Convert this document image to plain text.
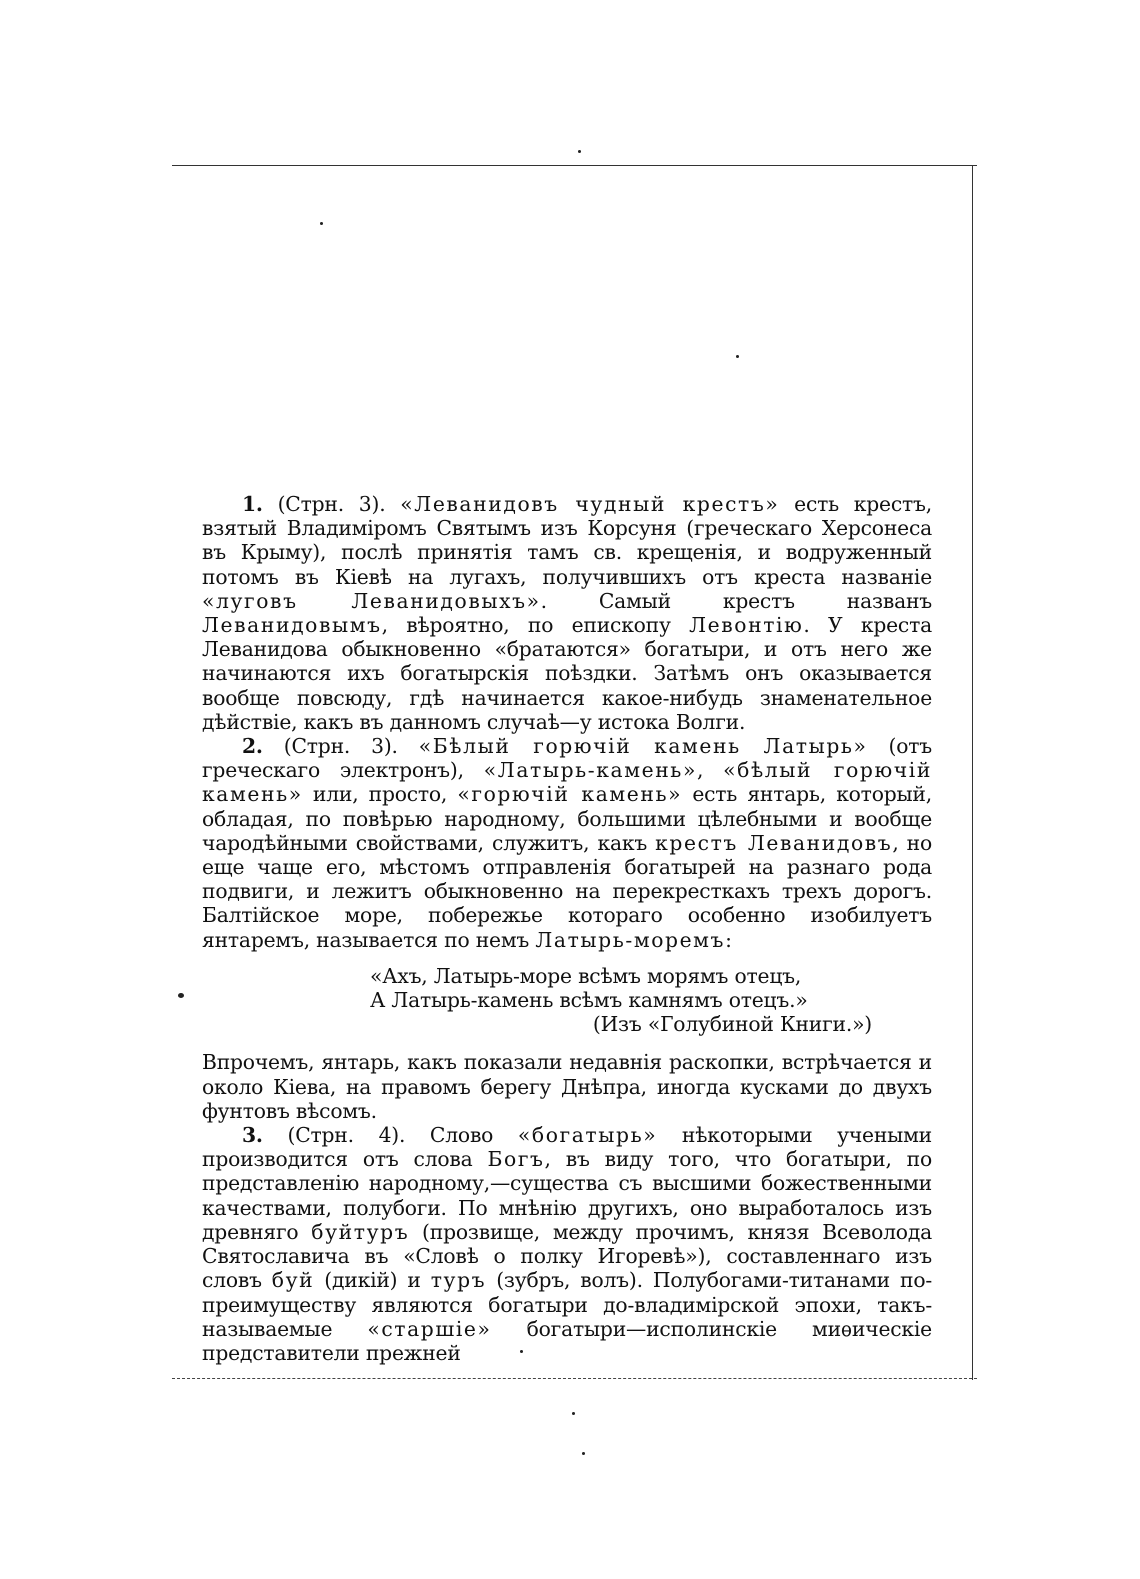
1. (Стрн. 3). «Леванидовъ чудный крестъ» есть крестъ, взятый Владиміромъ Святымъ изъ Корсуня (греческаго Херсонеса въ Крыму), послѣ принятія тамъ св. крещенія, и водруженный потомъ въ Кіевѣ на лугахъ, получившихъ отъ креста названіе «луговъ Леванидовыхъ». Самый крестъ названъ Леванидовымъ, вѣроятно, по епископу Левонтію. У креста Леванидова обыкновенно «братаются» богатыри, и отъ него же начинаются ихъ богатырскія поѣздки. Затѣмъ онъ оказывается вообще повсюду, гдѣ начинается какое-нибудь знаменательное дѣйствіе, какъ въ данномъ случаѣ—у истока Волги.

2. (Стрн. 3). «Бѣлый горючій камень Латырь» (отъ греческаго электронъ), «Латырь-камень», «бѣлый горючій камень» или, просто, «горючій камень» есть янтарь, который, обладая, по повѣрью народному, большими цѣлебными и вообще чародѣйными свойствами, служитъ, какъ крестъ Леванидовъ, но еще чаще его, мѣстомъ отправленія богатырей на разнаго рода подвиги, и лежитъ обыкновенно на перекресткахъ трехъ дорогъ. Балтійское море, побережье котораго особенно изобилуетъ янтаремъ, называется по немъ Латырь-моремъ:

«Ахъ, Латырь-море всѣмъ морямъ отецъ,
А Латырь-камень всѣмъ камнямъ отецъ.»
(Изъ «Голубиной Книги.»)

Впрочемъ, янтарь, какъ показали недавнія раскопки, встрѣчается и около Кіева, на правомъ берегу Днѣпра, иногда кусками до двухъ фунтовъ вѣсомъ.

3. (Стрн. 4). Слово «богатырь» нѣкоторыми учеными производится отъ слова Богъ, въ виду того, что богатыри, по представленію народному,—существа съ высшими божественными качествами, полубоги. По мнѣнію другихъ, оно выработалось изъ древняго буйтуръ (прозвище, между прочимъ, князя Всеволода Святославича въ «Словѣ о полку Игоревѣ»), составленнаго изъ словъ буй (дикій) и туръ (зубръ, волъ). Полубогами-титанами по-преимуществу являются богатыри до-владимірской эпохи, такъ-называемые «старшіе» богатыри—исполинскіе миѳическіе представители прежней
